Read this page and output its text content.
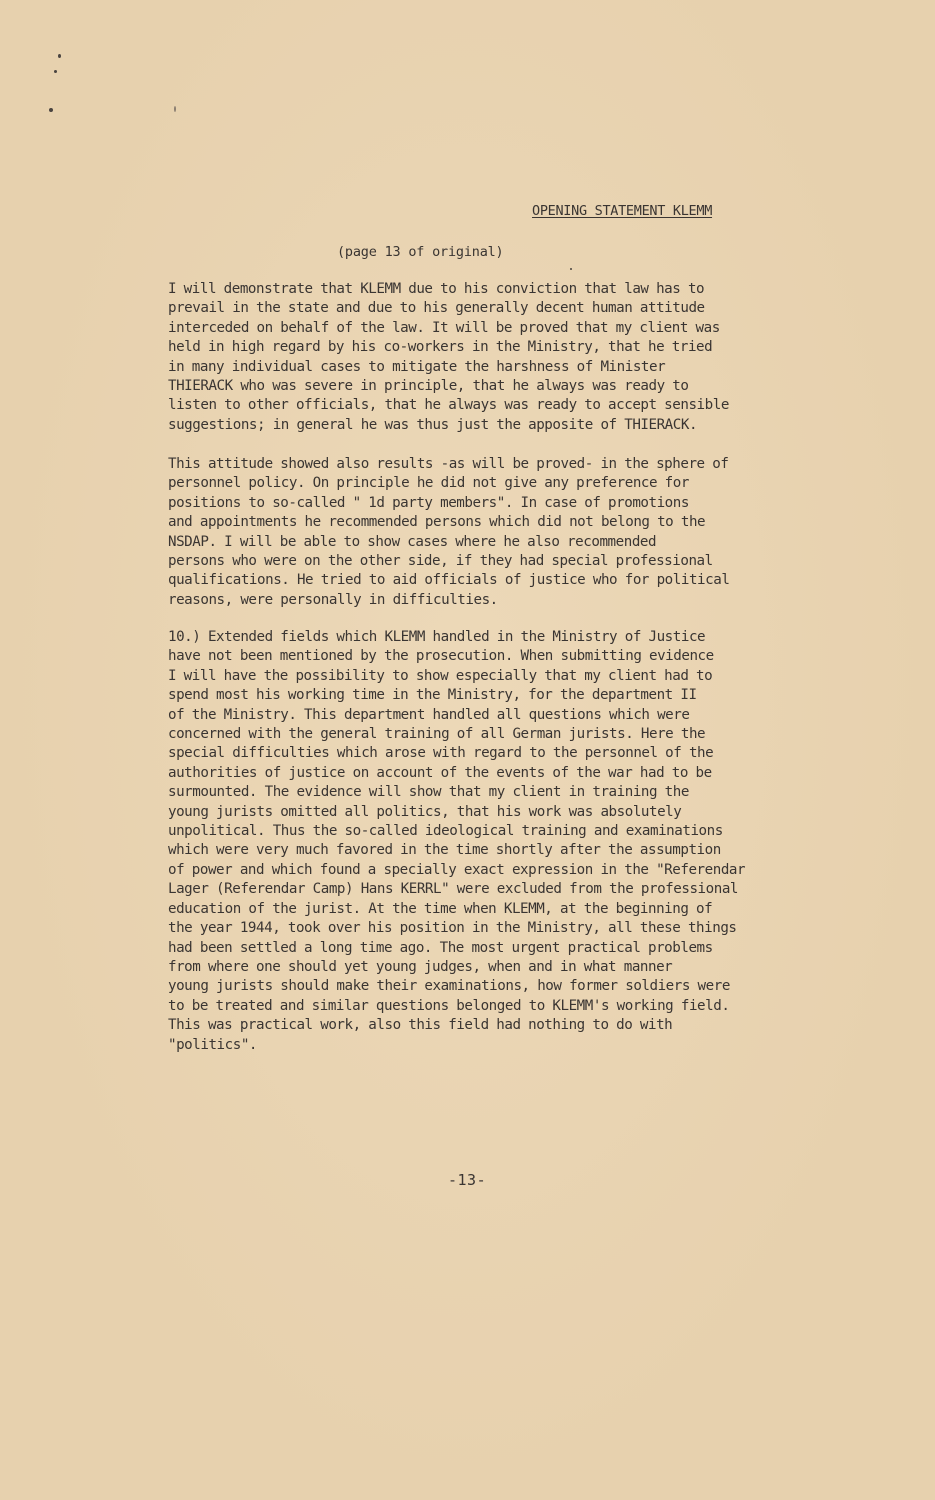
OPENING STATEMENT KLEMM
(page 13 of original)

I will demonstrate that KLEMM due to his conviction that law has to
prevail in the state and due to his generally decent human attitude
interceded on behalf of the law. It will be proved that my client was
held in high regard by his co-workers in the Ministry, that he tried
in many individual cases to mitigate the harshness of Minister
THIERACK who was severe in principle, that he always was ready to
listen to other officials, that he always was ready to accept sensible
suggestions; in general he was thus just the apposite of THIERACK.

This attitude showed also results -as will be proved- in the sphere of
personnel policy. On principle he did not give any preference for
positions to so-called " 1d party members". In case of promotions
and appointments he recommended persons which did not belong to the
NSDAP. I will be able to show cases where he also recommended
persons who were on the other side, if they had special professional
qualifications. He tried to aid officials of justice who for political
reasons, were personally in difficulties.

10.) Extended fields which KLEMM handled in the Ministry of Justice
have not been mentioned by the prosecution. When submitting evidence
I will have the possibility to show especially that my client had to
spend most his working time in the Ministry, for the department II
of the Ministry. This department handled all questions which were
concerned with the general training of all German jurists. Here the
special difficulties which arose with regard to the personnel of the
authorities of justice on account of the events of the war had to be
surmounted. The evidence will show that my client in training the
young jurists omitted all politics, that his work was absolutely
unpolitical. Thus the so-called ideological training and examinations
which were very much favored in the time shortly after the assumption
of power and which found a specially exact expression in the "Referendar
Lager (Referendar Camp) Hans KERRL" were excluded from the professional
education of the jurist. At the time when KLEMM, at the beginning of
the year 1944, took over his position in the Ministry, all these things
had been settled a long time ago. The most urgent practical problems
from where one should yet young judges, when and in what manner
young jurists should make their examinations, how former soldiers were
to be treated and similar questions belonged to KLEMM's working field.
This was practical work, also this field had nothing to do with
"politics".

-13-
